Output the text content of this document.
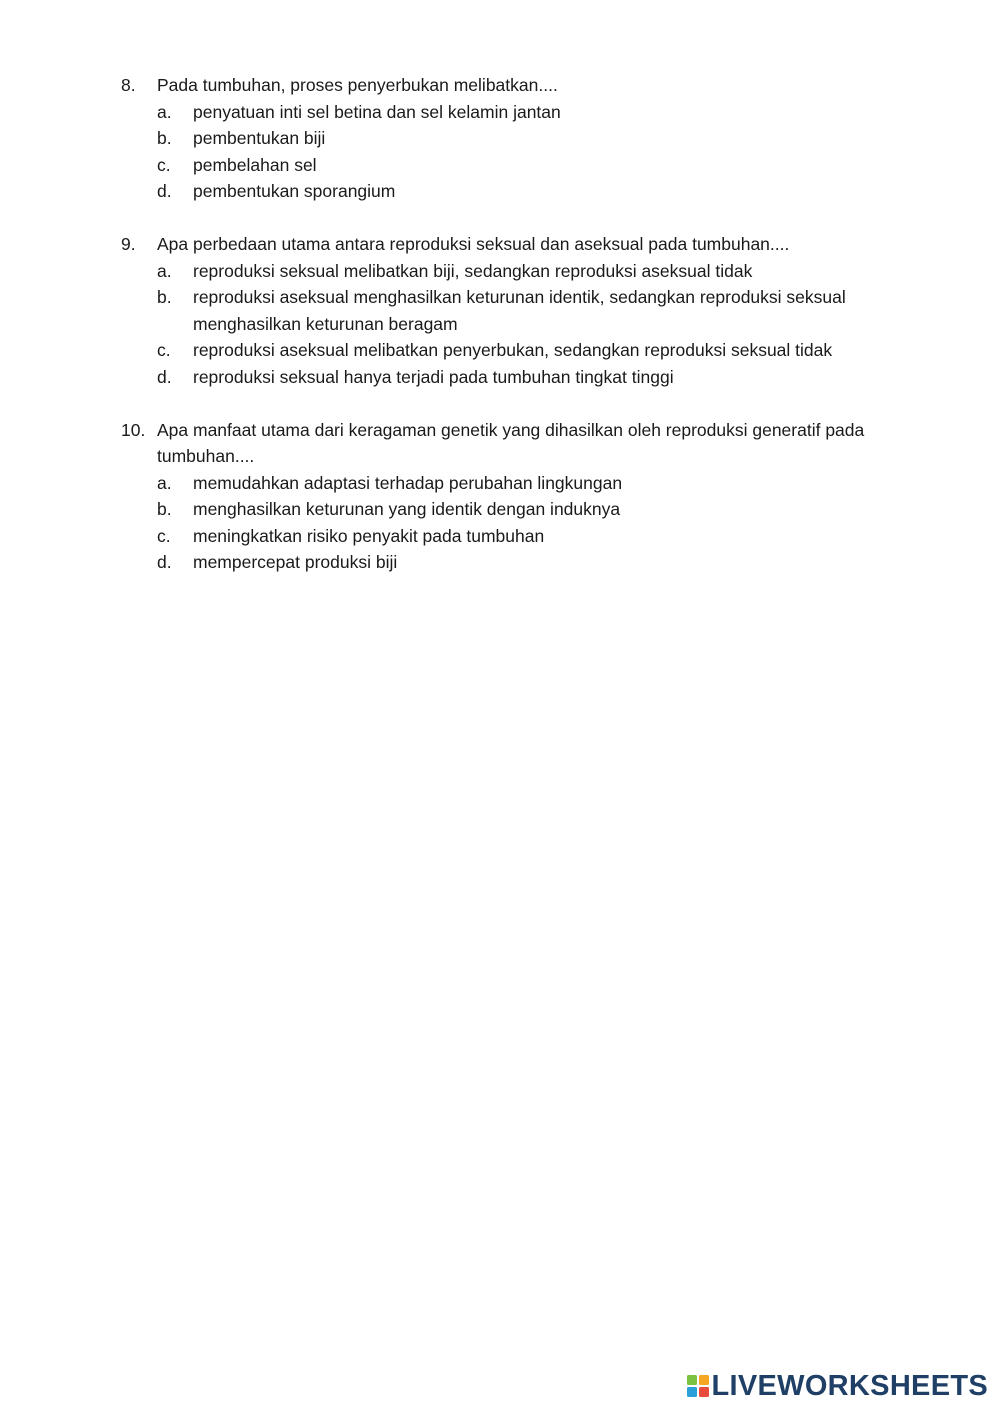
8.	Pada tumbuhan, proses penyerbukan melibatkan....
a.	penyatuan inti sel betina dan sel kelamin jantan
b.	pembentukan biji
c.	pembelahan sel
d.	pembentukan sporangium
9.	Apa perbedaan utama antara reproduksi seksual dan aseksual pada tumbuhan....
a.	reproduksi seksual melibatkan biji, sedangkan reproduksi aseksual tidak
b.	reproduksi aseksual menghasilkan keturunan identik, sedangkan reproduksi seksual menghasilkan keturunan beragam
c.	reproduksi aseksual melibatkan penyerbukan, sedangkan reproduksi seksual tidak
d.	reproduksi seksual hanya terjadi pada tumbuhan tingkat tinggi
10. Apa manfaat utama dari keragaman genetik yang dihasilkan oleh reproduksi generatif pada tumbuhan....
a.	memudahkan adaptasi terhadap perubahan lingkungan
b.	menghasilkan keturunan yang identik dengan induknya
c.	meningkatkan risiko penyakit pada tumbuhan
d.	mempercepat produksi biji
LIVEWORKSHEETS
